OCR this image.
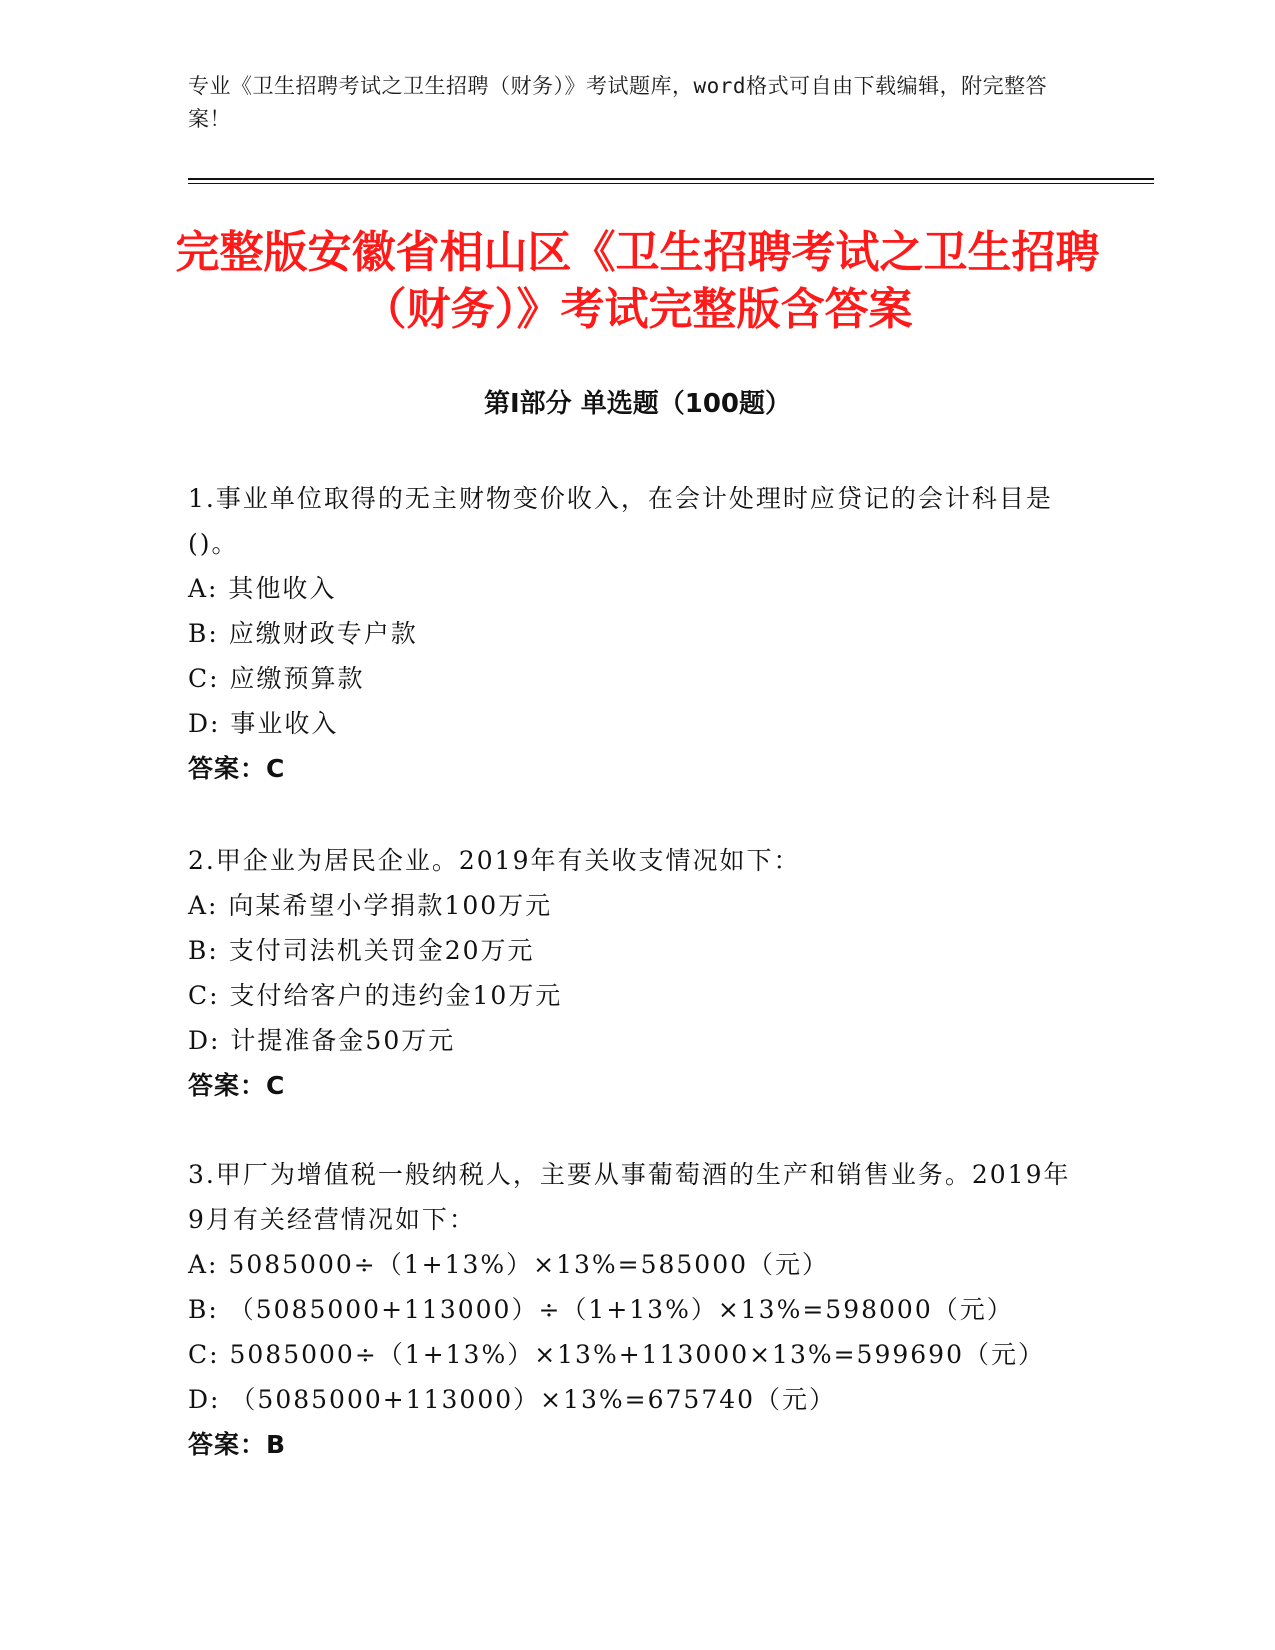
专业《卫生招聘考试之卫生招聘（财务）》考试题库，word格式可自由下载编辑，附完整答案！
完整版安徽省相山区《卫生招聘考试之卫生招聘（财务）》考试完整版含答案
第Ⅰ部分 单选题（100题）
1.事业单位取得的无主财物变价收入，在会计处理时应贷记的会计科目是()。
A: 其他收入
B: 应缴财政专户款
C: 应缴预算款
D: 事业收入
答案：C
2.甲企业为居民企业。2019年有关收支情况如下：
A: 向某希望小学捐款100万元
B: 支付司法机关罚金20万元
C: 支付给客户的违约金10万元
D: 计提准备金50万元
答案：C
3.甲厂为增值税一般纳税人，主要从事葡萄酒的生产和销售业务。2019年9月有关经营情况如下：
A: 5085000÷（1+13%）×13%=585000（元）
B: （5085000+113000）÷（1+13%）×13%=598000（元）
C: 5085000÷（1+13%）×13%+113000×13%=599690（元）
D: （5085000+113000）×13%=675740（元）
答案：B
